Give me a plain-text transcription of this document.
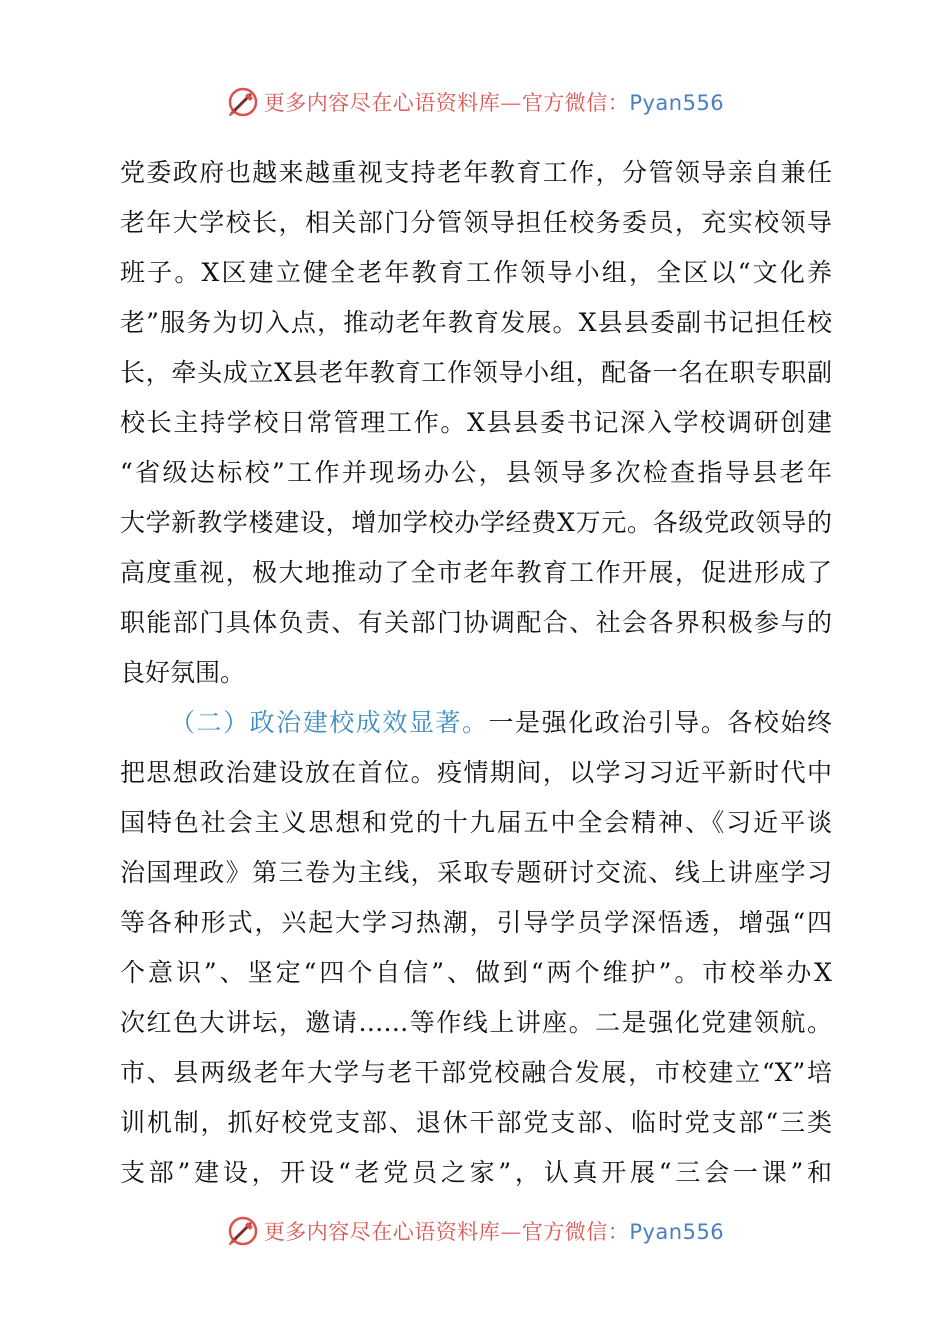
更多内容尽在心语资料库—官方微信：Pyan556
党委政府也越来越重视支持老年教育工作，分管领导亲自兼任
老年大学校长，相关部门分管领导担任校务委员，充实校领导
班子。X区建立健全老年教育工作领导小组，全区以“文化养
老”服务为切入点，推动老年教育发展。X县县委副书记担任校
长，牵头成立X县老年教育工作领导小组，配备一名在职专职副
校长主持学校日常管理工作。X县县委书记深入学校调研创建
“省级达标校”工作并现场办公，县领导多次检查指导县老年
大学新教学楼建设，增加学校办学经费X万元。各级党政领导的
高度重视，极大地推动了全市老年教育工作开展，促进形成了
职能部门具体负责、有关部门协调配合、社会各界积极参与的
良好氛围。
（二）政治建校成效显著。一是强化政治引导。各校始终
把思想政治建设放在首位。疫情期间，以学习习近平新时代中
国特色社会主义思想和党的十九届五中全会精神、《习近平谈
治国理政》第三卷为主线，采取专题研讨交流、线上讲座学习
等各种形式，兴起大学习热潮，引导学员学深悟透，增强“四
个意识”、坚定“四个自信”、做到“两个维护”。市校举办X
次红色大讲坛，邀请……等作线上讲座。二是强化党建领航。
市、县两级老年大学与老干部党校融合发展，市校建立“X”培
训机制，抓好校党支部、退休干部党支部、临时党支部“三类
支部”建设，开设“老党员之家”，认真开展“三会一课”和
更多内容尽在心语资料库—官方微信：Pyan556
